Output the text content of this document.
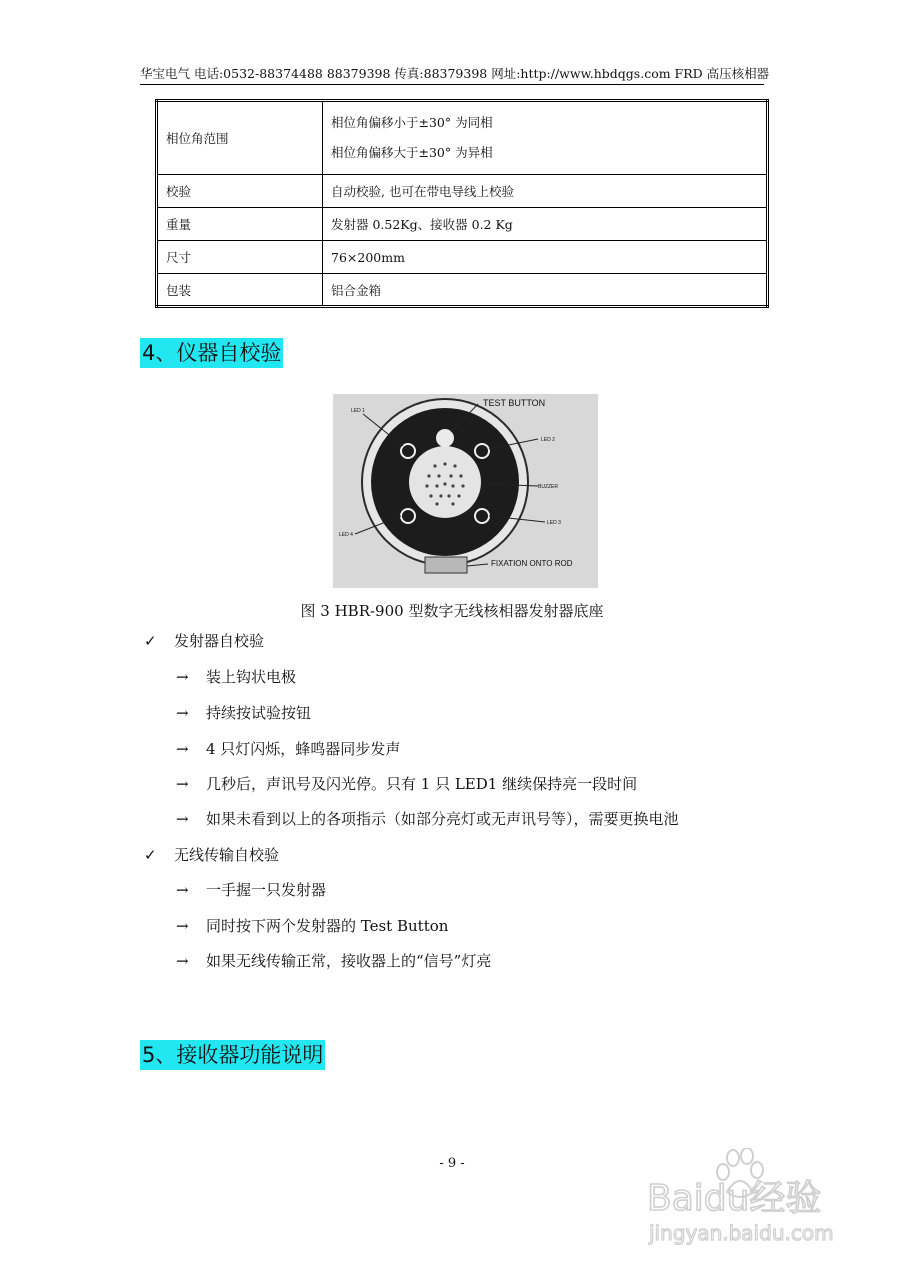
华宝电气 电话:0532-88374488 88379398 传真:88379398 网址:http://www.hbdqgs.com FRD 高压核相器
相位角范围	相位角偏移小于±30° 为同相
相位角偏移大于±30° 为异相

校验	自动校验, 也可在带电导线上校验
重量	发射器 0.52Kg、接收器 0.2 Kg
尺寸	76×200mm
包装	铝合金箱
4、仪器自校验
TEST BUTTON
LED 1
LED 2
BUZZER
LED 3
LED 4
FIXATION ONTO ROD
图 3 HBR-900 型数字无线核相器发射器底座
✓ 发射器自校验
→ 装上钩状电极
→ 持续按试验按钮
→ 4 只灯闪烁，蜂鸣器同步发声
→ 几秒后，声讯号及闪光停。只有 1 只 LED1 继续保持亮一段时间
→ 如果未看到以上的各项指示（如部分亮灯或无声讯号等），需要更换电池
✓ 无线传输自校验
→ 一手握一只发射器
→ 同时按下两个发射器的 Test Button
→ 如果无线传输正常，接收器上的“信号”灯亮
5、接收器功能说明
- 9 -
Baidu经验
jingyan.baidu.com
